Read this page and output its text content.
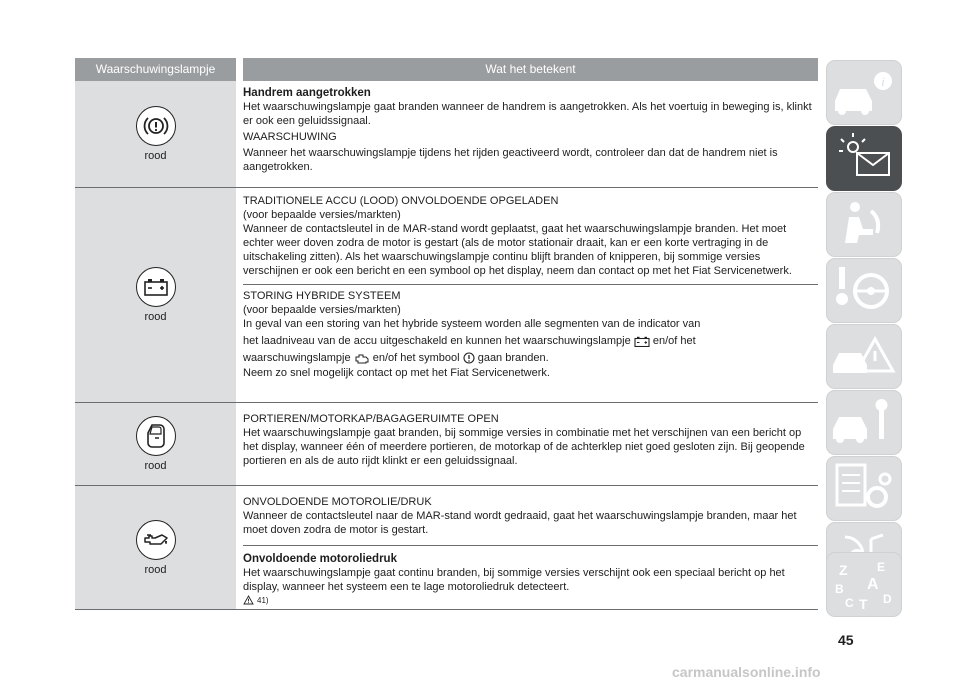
Waarschuwingslampje	Wat het betekent
rood

Handrem aangetrokken

Het waarschuwingslampje gaat branden wanneer de handrem is aangetrokken. Als het voertuig in beweging is, klinkt er ook een geluidssignaal.

WAARSCHUWING

Wanneer het waarschuwingslampje tijdens het rijden geactiveerd wordt, controleer dan dat de handrem niet is aangetrokken.

rood

TRADITIONELE ACCU (LOOD) ONVOLDOENDE OPGELADEN

(voor bepaalde versies/markten)

Wanneer de contactsleutel in de MAR-stand wordt geplaatst, gaat het waarschuwingslampje branden. Het moet echter weer doven zodra de motor is gestart (als de motor stationair draait, kan er een korte vertraging in de uitschakeling zitten). Als het waarschuwingslampje continu blijft branden of knipperen, bij sommige versies verschijnen er ook een bericht en een symbool op het display, neem dan contact op met het Fiat Servicenetwerk.

STORING HYBRIDE SYSTEEM

(voor bepaalde versies/markten)

In geval van een storing van het hybride systeem worden alle segmenten van de indicator van

het laadniveau van de accu uitgeschakeld en kunnen het waarschuwingslampje en/of het

waarschuwingslampje en/of het symbool gaan branden.

Neem zo snel mogelijk contact op met het Fiat Servicenetwerk.

rood

PORTIEREN/MOTORKAP/BAGAGERUIMTE OPEN

Het waarschuwingslampje gaat branden, bij sommige versies in combinatie met het verschijnen van een bericht op het display, wanneer één of meerdere portieren, de motorkap of de achterklep niet goed gesloten zijn. Bij geopende portieren en als de auto rijdt klinkt er een geluidssignaal.

rood

ONVOLDOENDE MOTOROLIE/DRUK

Wanneer de contactsleutel naar de MAR-stand wordt gedraaid, gaat het waarschuwingslampje branden, maar het moet doven zodra de motor is gestart.

Onvoldoende motoroliedruk

Het waarschuwingslampje gaat continu branden, bij sommige versies verschijnt ook een speciaal bericht op het display, wanneer het systeem een te lage motoroliedruk detecteert.

41)
i
Z E
A
B
C T D
45
carmanualsonline.info
